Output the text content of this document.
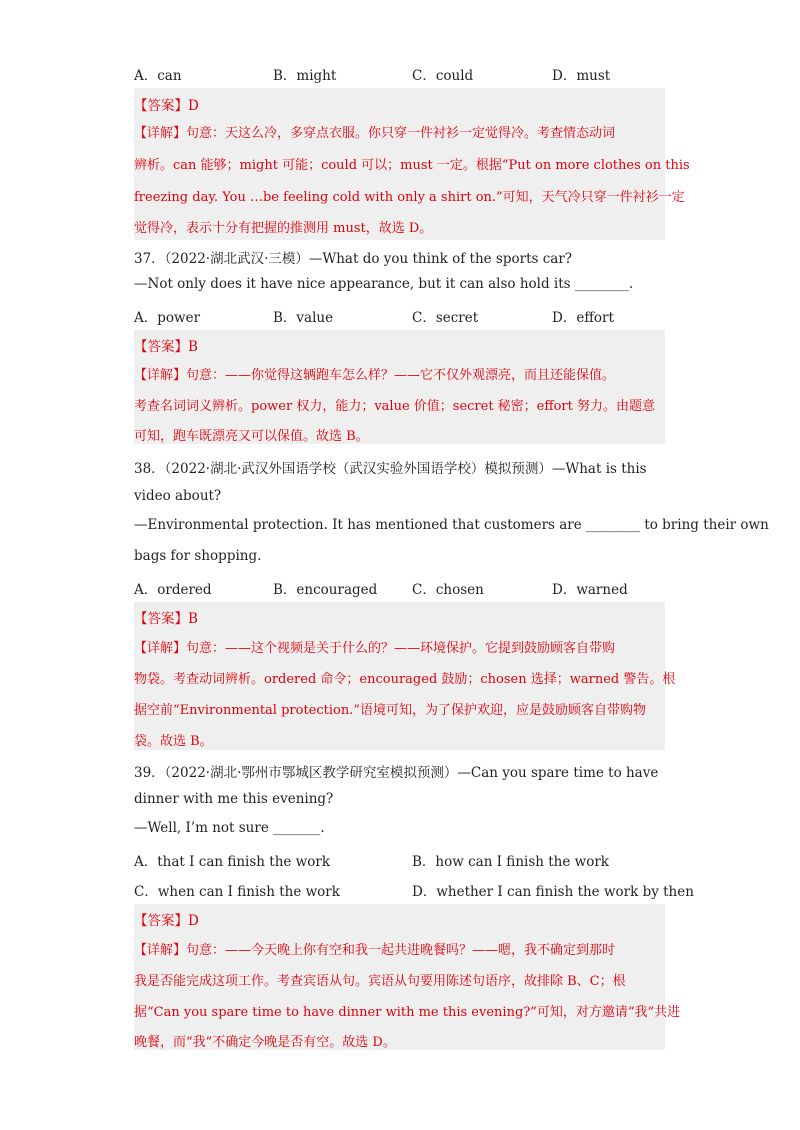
A．can	B．might	C．could	D．must
【答案】D
【详解】句意：天这么冷，多穿点衣服。你只穿一件衬衫一定觉得冷。考查情态动词
辨析。can 能够；might 可能；could 可以；must 一定。根据“Put on more clothes on this
freezing day. You …be feeling cold with only a shirt on.”可知，天气冷只穿一件衬衫一定
觉得冷，表示十分有把握的推测用 must，故选 D。
37．（2022·湖北武汉·三模）—What do you think of the sports car?
—Not only does it have nice appearance, but it can also hold its ________.
A．power	B．value	C．secret	D．effort
【答案】B
【详解】句意：——你觉得这辆跑车怎么样？——它不仅外观漂亮，而且还能保值。
考查名词词义辨析。power 权力，能力；value 价值；secret 秘密；effort 努力。由题意
可知，跑车既漂亮又可以保值。故选 B。
38．（2022·湖北·武汉外国语学校（武汉实验外国语学校）模拟预测）—What is this
video about?
—Environmental protection. It has mentioned that customers are ________ to bring their own
bags for shopping.
A．ordered	B．encouraged	C．chosen	D．warned
【答案】B
【详解】句意：——这个视频是关于什么的？——环境保护。它提到鼓励顾客自带购
物袋。考查动词辨析。ordered 命令；encouraged 鼓励；chosen 选择；warned 警告。根
据空前“Environmental protection.”语境可知，为了保护欢迎，应是鼓励顾客自带购物
袋。故选 B。
39．（2022·湖北·鄂州市鄂城区教学研究室模拟预测）—Can you spare time to have
dinner with me this evening?
—Well, I’m not sure _______.
A．that I can finish the work	B．how can I finish the work
C．when can I finish the work	D．whether I can finish the work by then
【答案】D
【详解】句意：——今天晚上你有空和我一起共进晚餐吗？——嗯，我不确定到那时
我是否能完成这项工作。考查宾语从句。宾语从句要用陈述句语序，故排除 B、C；根
据“Can you spare time to have dinner with me this evening?”可知，对方邀请“我”共进
晚餐，而“我”不确定今晚是否有空。故选 D。
